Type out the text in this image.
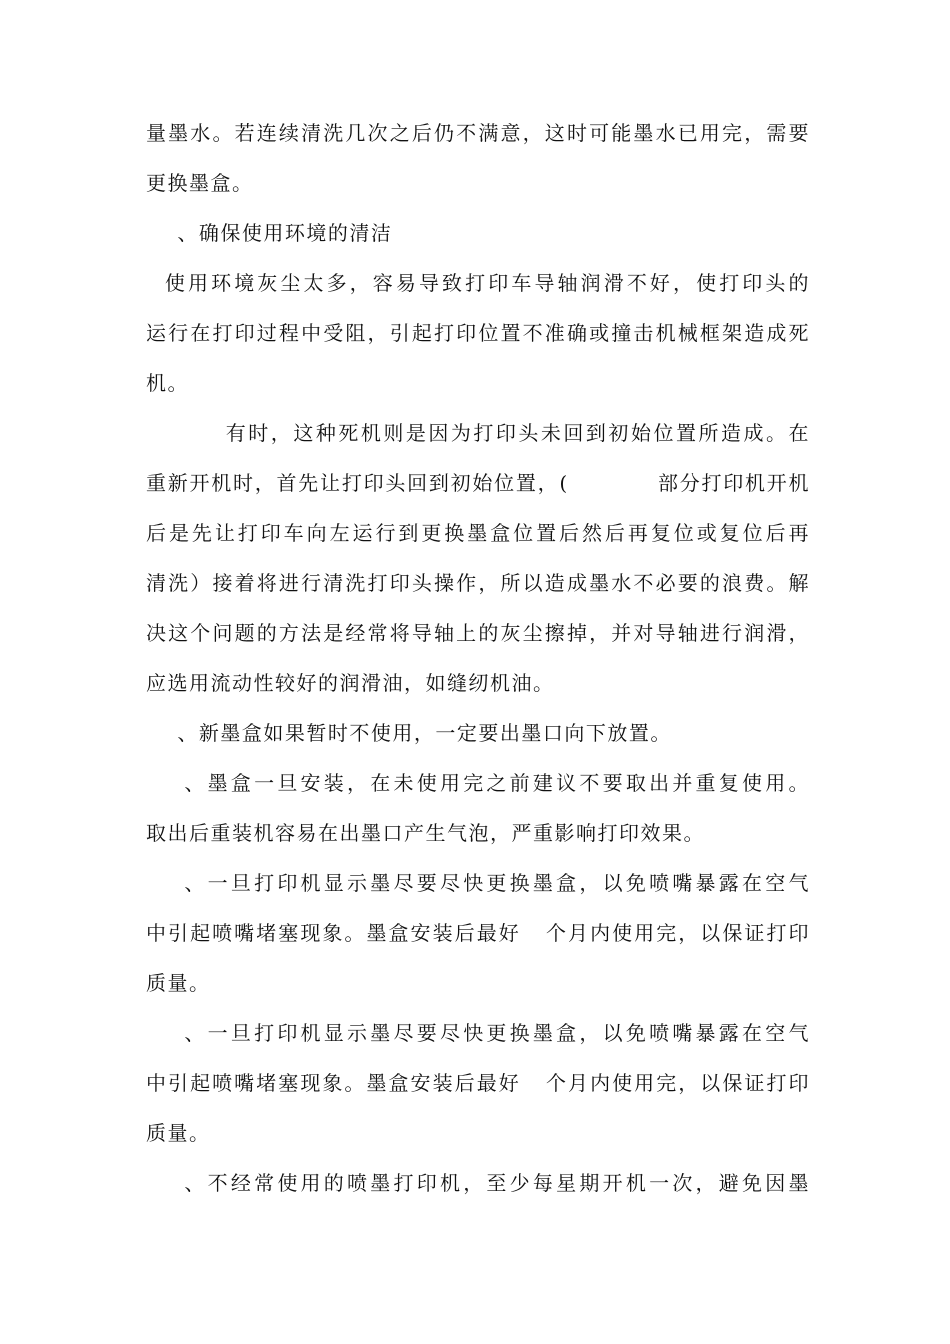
量墨水。若连续清洗几次之后仍不满意，这时可能墨水已用完，需要
更换墨盒。
、确保使用环境的清洁
使用环境灰尘太多，容易导致打印车导轴润滑不好，使打印头的
运行在打印过程中受阻，引起打印位置不准确或撞击机械框架造成死
机。
有时，这种死机则是因为打印头未回到初始位置所造成。在
重新开机时，首先让打印头回到初始位置，(           部分打印机开机
后是先让打印车向左运行到更换墨盒位置后然后再复位或复位后再
清洗）接着将进行清洗打印头操作，所以造成墨水不必要的浪费。解
决这个问题的方法是经常将导轴上的灰尘擦掉，并对导轴进行润滑，
应选用流动性较好的润滑油，如缝纫机油。
、新墨盒如果暂时不使用，一定要出墨口向下放置。
、墨盒一旦安装，在未使用完之前建议不要取出并重复使用。
取出后重装机容易在出墨口产生气泡，严重影响打印效果。
、一旦打印机显示墨尽要尽快更换墨盒，以免喷嘴暴露在空气
中引起喷嘴堵塞现象。墨盒安装后最好   个月内使用完，以保证打印
质量。
、一旦打印机显示墨尽要尽快更换墨盒，以免喷嘴暴露在空气
中引起喷嘴堵塞现象。墨盒安装后最好   个月内使用完，以保证打印
质量。
、不经常使用的喷墨打印机，至少每星期开机一次，避免因墨
